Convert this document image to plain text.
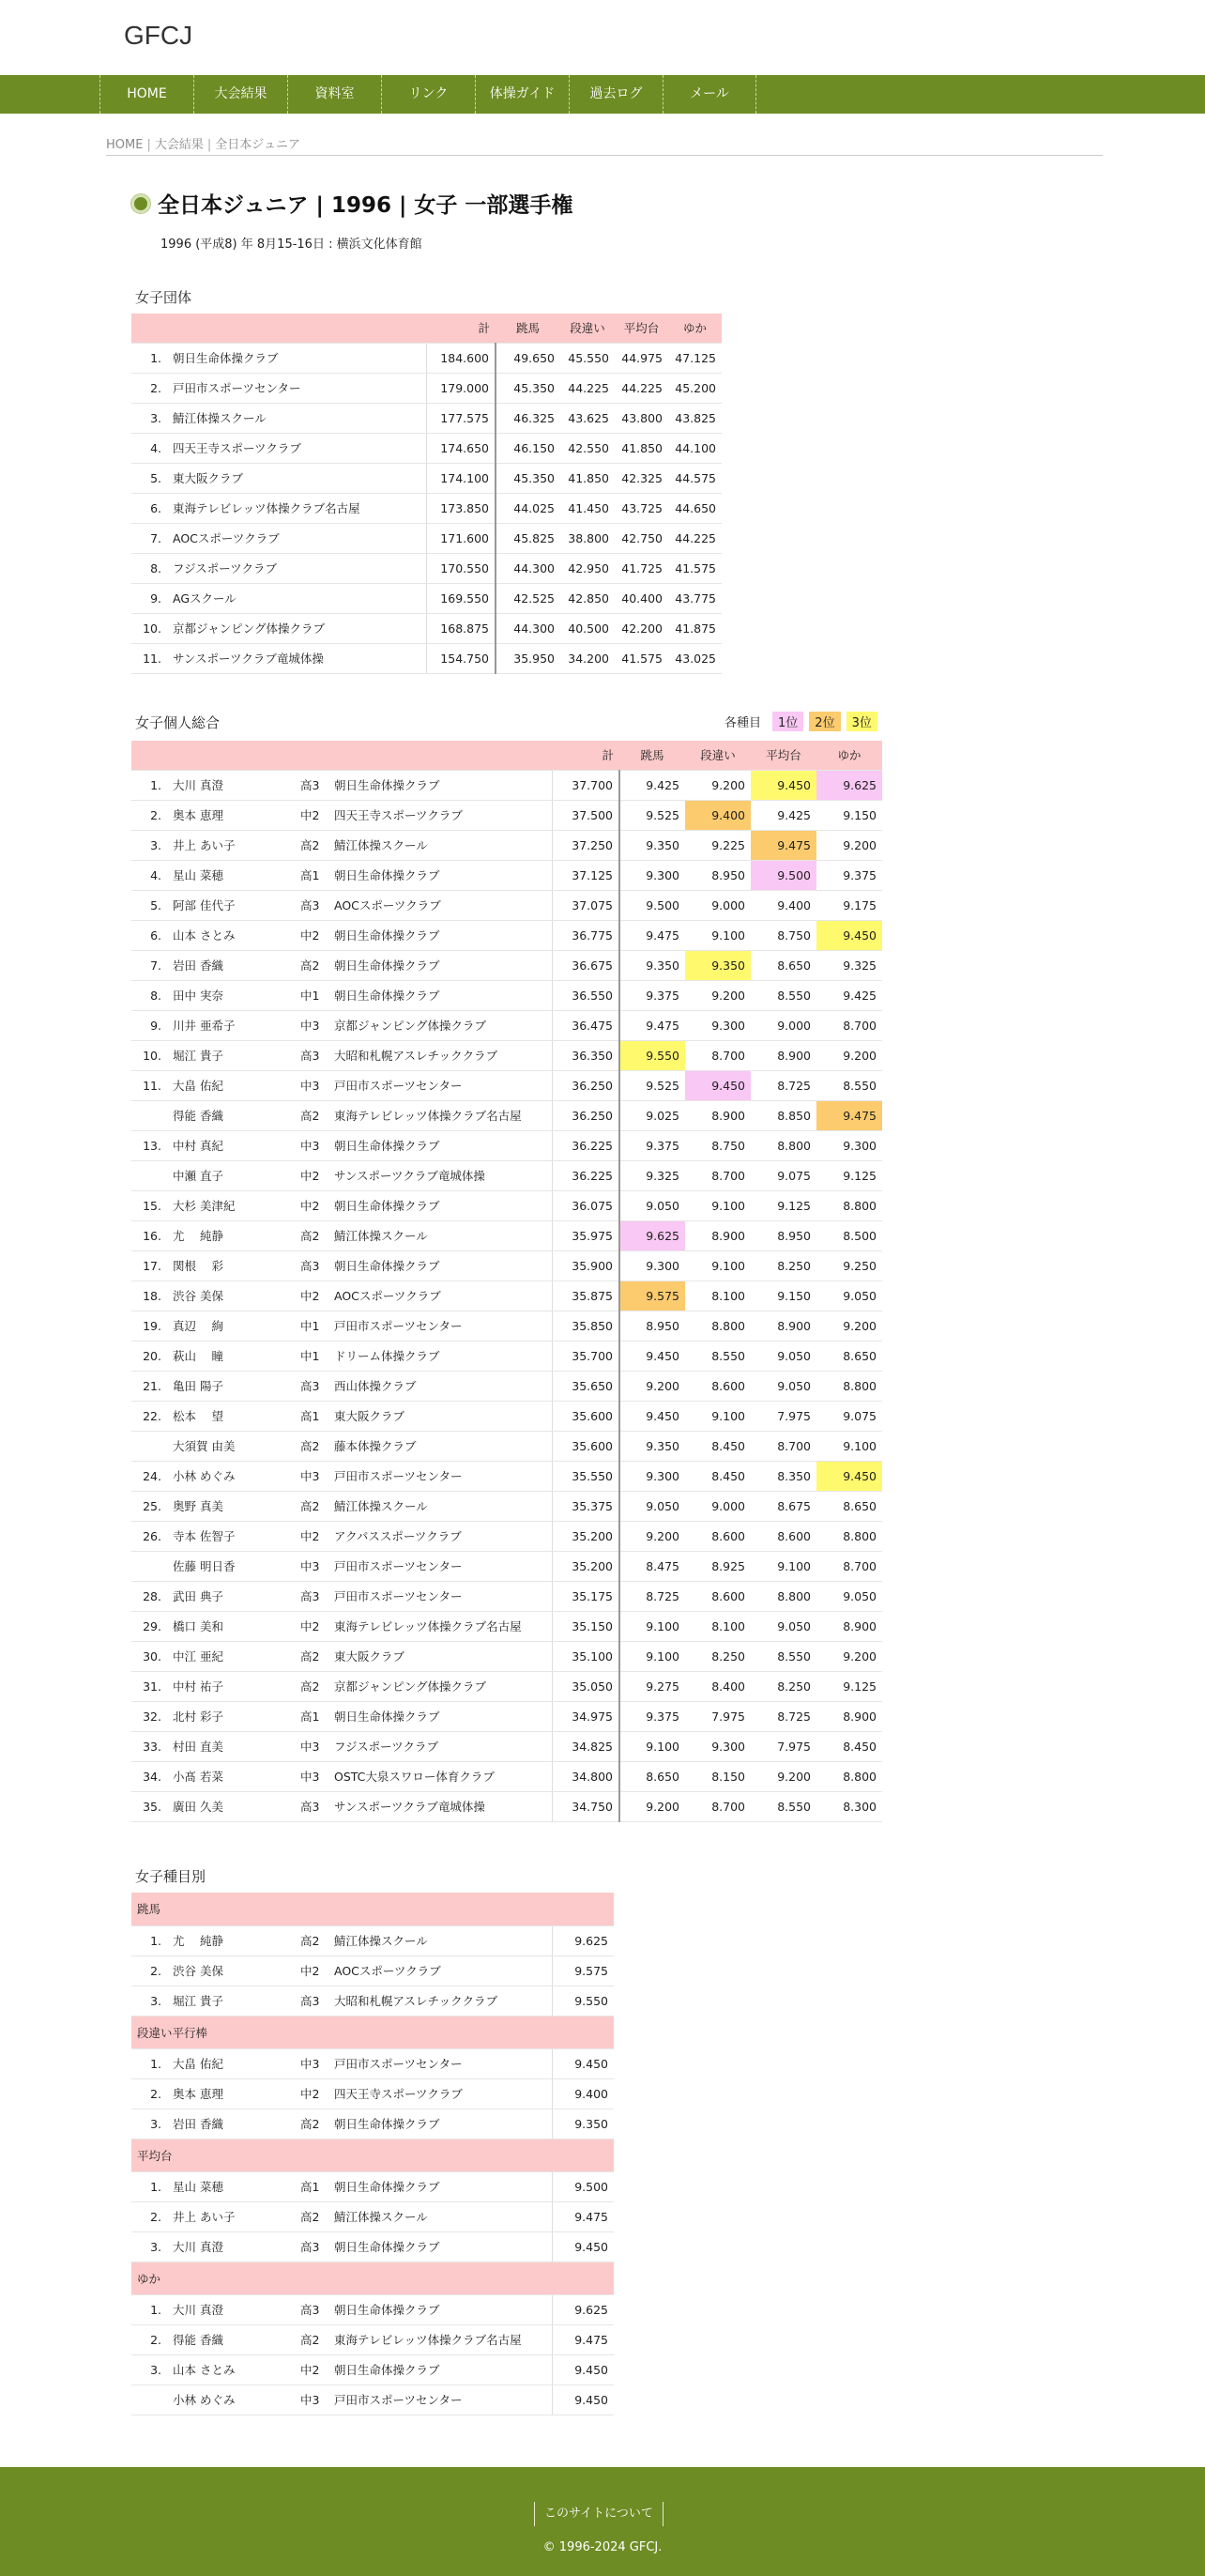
GFCJ
HOME	大会結果	資料室	リンク	体操ガイド	過去ログ	メール
HOME | 大会結果 | 全日本ジュニア
全日本ジュニア | 1996 | 女子 一部選手権
1996 (平成8) 年 8月15-16日 : 横浜文化体育館
女子団体
		計	跳馬	段違い	平均台	ゆか
1.	朝日生命体操クラブ	184.600	49.650	45.550	44.975	47.125
2.	戸田市スポーツセンター	179.000	45.350	44.225	44.225	45.200
3.	鯖江体操スクール	177.575	46.325	43.625	43.800	43.825
4.	四天王寺スポーツクラブ	174.650	46.150	42.550	41.850	44.100
5.	東大阪クラブ	174.100	45.350	41.850	42.325	44.575
6.	東海テレビレッツ体操クラブ名古屋	173.850	44.025	41.450	43.725	44.650
7.	AOCスポーツクラブ	171.600	45.825	38.800	42.750	44.225
8.	フジスポーツクラブ	170.550	44.300	42.950	41.725	41.575
9.	AGスクール	169.550	42.525	42.850	40.400	43.775
10.	京都ジャンピング体操クラブ	168.875	44.300	40.500	42.200	41.875
11.	サンスポーツクラブ竜城体操	154.750	35.950	34.200	41.575	43.025
女子個人総合	各種目	1位	2位	3位
				計	跳馬	段違い	平均台	ゆか
1.	大川 真澄	高3	朝日生命体操クラブ	37.700	9.425	9.200	9.450	9.625
2.	奥本 恵理	中2	四天王寺スポーツクラブ	37.500	9.525	9.400	9.425	9.150
3.	井上 あい子	高2	鯖江体操スクール	37.250	9.350	9.225	9.475	9.200
4.	星山 菜穂	高1	朝日生命体操クラブ	37.125	9.300	8.950	9.500	9.375
5.	阿部 佳代子	高3	AOCスポーツクラブ	37.075	9.500	9.000	9.400	9.175
6.	山本 さとみ	中2	朝日生命体操クラブ	36.775	9.475	9.100	8.750	9.450
7.	岩田 香織	高2	朝日生命体操クラブ	36.675	9.350	9.350	8.650	9.325
8.	田中 実奈	中1	朝日生命体操クラブ	36.550	9.375	9.200	8.550	9.425
9.	川井 亜希子	中3	京都ジャンピング体操クラブ	36.475	9.475	9.300	9.000	8.700
10.	堀江 貴子	高3	大昭和札幌アスレチッククラブ	36.350	9.550	8.700	8.900	9.200
11.	大畠 佑紀	中3	戸田市スポーツセンター	36.250	9.525	9.450	8.725	8.550
	得能 香織	高2	東海テレビレッツ体操クラブ名古屋	36.250	9.025	8.900	8.850	9.475
13.	中村 真紀	中3	朝日生命体操クラブ	36.225	9.375	8.750	8.800	9.300
	中瀬 直子	中2	サンスポーツクラブ竜城体操	36.225	9.325	8.700	9.075	9.125
15.	大杉 美津紀	中2	朝日生命体操クラブ	36.075	9.050	9.100	9.125	8.800
16.	尤　 純静	高2	鯖江体操スクール	35.975	9.625	8.900	8.950	8.500
17.	関根　 彩	高3	朝日生命体操クラブ	35.900	9.300	9.100	8.250	9.250
18.	渋谷 美保	中2	AOCスポーツクラブ	35.875	9.575	8.100	9.150	9.050
19.	真辺　 絢	中1	戸田市スポーツセンター	35.850	8.950	8.800	8.900	9.200
20.	萩山　 瞳	中1	ドリーム体操クラブ	35.700	9.450	8.550	9.050	8.650
21.	亀田 陽子	高3	西山体操クラブ	35.650	9.200	8.600	9.050	8.800
22.	松本　 望	高1	東大阪クラブ	35.600	9.450	9.100	7.975	9.075
	大須賀 由美	高2	藤本体操クラブ	35.600	9.350	8.450	8.700	9.100
24.	小林 めぐみ	中3	戸田市スポーツセンター	35.550	9.300	8.450	8.350	9.450
25.	奥野 真美	高2	鯖江体操スクール	35.375	9.050	9.000	8.675	8.650
26.	寺本 佐智子	中2	アクパススポーツクラブ	35.200	9.200	8.600	8.600	8.800
	佐藤 明日香	中3	戸田市スポーツセンター	35.200	8.475	8.925	9.100	8.700
28.	武田 典子	高3	戸田市スポーツセンター	35.175	8.725	8.600	8.800	9.050
29.	橋口 美和	中2	東海テレビレッツ体操クラブ名古屋	35.150	9.100	8.100	9.050	8.900
30.	中江 亜紀	高2	東大阪クラブ	35.100	9.100	8.250	8.550	9.200
31.	中村 祐子	高2	京都ジャンピング体操クラブ	35.050	9.275	8.400	8.250	9.125
32.	北村 彩子	高1	朝日生命体操クラブ	34.975	9.375	7.975	8.725	8.900
33.	村田 直美	中3	フジスポーツクラブ	34.825	9.100	9.300	7.975	8.450
34.	小髙 若菜	中3	OSTC大泉スワロー体育クラブ	34.800	8.650	8.150	9.200	8.800
35.	廣田 久美	高3	サンスポーツクラブ竜城体操	34.750	9.200	8.700	8.550	8.300
女子種目別
跳馬				
1.	尤　 純静	高2	鯖江体操スクール	9.625
2.	渋谷 美保	中2	AOCスポーツクラブ	9.575
3.	堀江 貴子	高3	大昭和札幌アスレチッククラブ	9.550
段違い平行棒				
1.	大畠 佑紀	中3	戸田市スポーツセンター	9.450
2.	奥本 恵理	中2	四天王寺スポーツクラブ	9.400
3.	岩田 香織	高2	朝日生命体操クラブ	9.350
平均台				
1.	星山 菜穂	高1	朝日生命体操クラブ	9.500
2.	井上 あい子	高2	鯖江体操スクール	9.475
3.	大川 真澄	高3	朝日生命体操クラブ	9.450
ゆか				
1.	大川 真澄	高3	朝日生命体操クラブ	9.625
2.	得能 香織	高2	東海テレビレッツ体操クラブ名古屋	9.475
3.	山本 さとみ	中2	朝日生命体操クラブ	9.450
	小林 めぐみ	中3	戸田市スポーツセンター	9.450
このサイトについて
© 1996-2024 GFCJ.
